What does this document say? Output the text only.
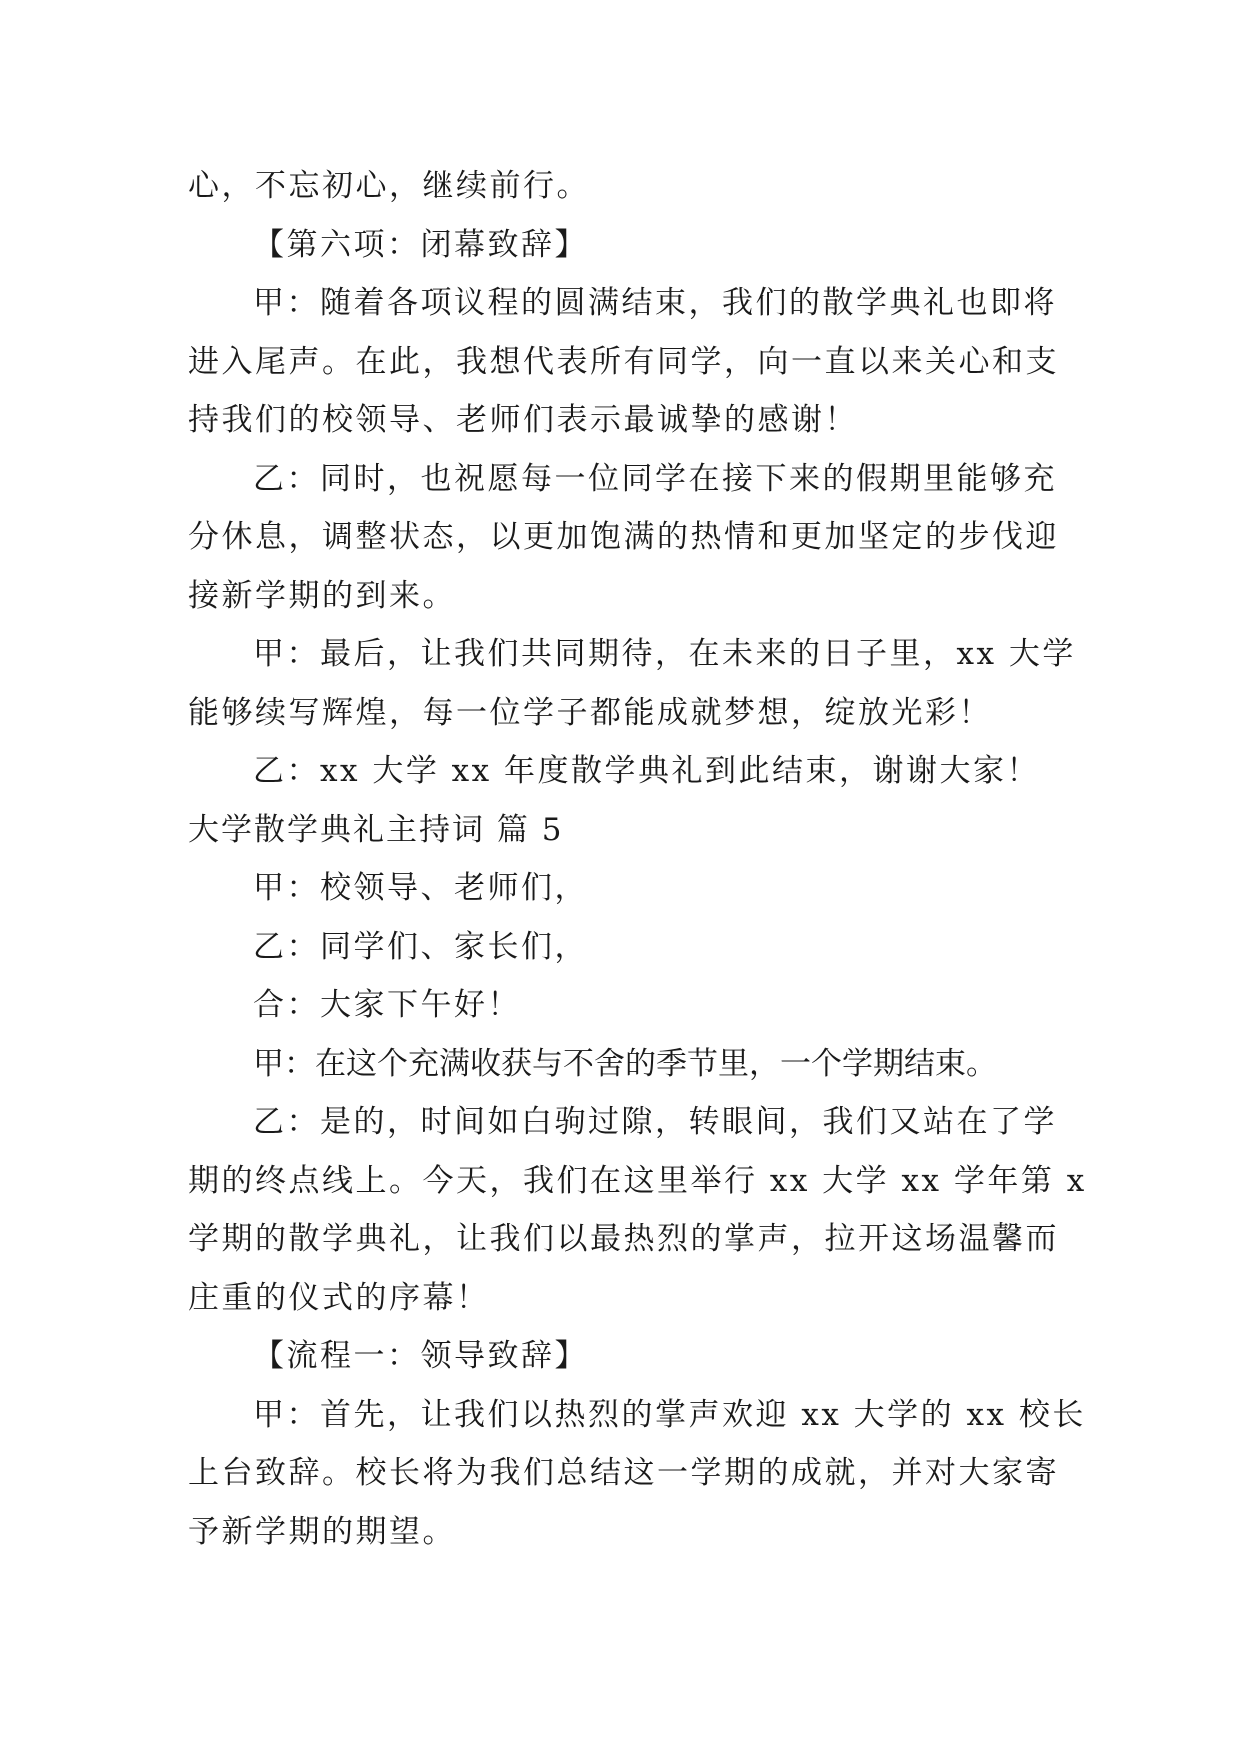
心，不忘初心，继续前行。
【第六项：闭幕致辞】
甲：随着各项议程的圆满结束，我们的散学典礼也即将
进入尾声。在此，我想代表所有同学，向一直以来关心和支
持我们的校领导、老师们表示最诚挚的感谢！
乙：同时，也祝愿每一位同学在接下来的假期里能够充
分休息，调整状态，以更加饱满的热情和更加坚定的步伐迎
接新学期的到来。
甲：最后，让我们共同期待，在未来的日子里，xx 大学
能够续写辉煌，每一位学子都能成就梦想，绽放光彩！
乙：xx 大学 xx 年度散学典礼到此结束，谢谢大家！
大学散学典礼主持词 篇 5
甲：校领导、老师们，
乙：同学们、家长们，
合：大家下午好！
甲：在这个充满收获与不舍的季节里，一个学期结束。
乙：是的，时间如白驹过隙，转眼间，我们又站在了学
期的终点线上。今天，我们在这里举行 xx 大学 xx 学年第 x
学期的散学典礼，让我们以最热烈的掌声，拉开这场温馨而
庄重的仪式的序幕！
【流程一：领导致辞】
甲：首先，让我们以热烈的掌声欢迎 xx 大学的 xx 校长
上台致辞。校长将为我们总结这一学期的成就，并对大家寄
予新学期的期望。
